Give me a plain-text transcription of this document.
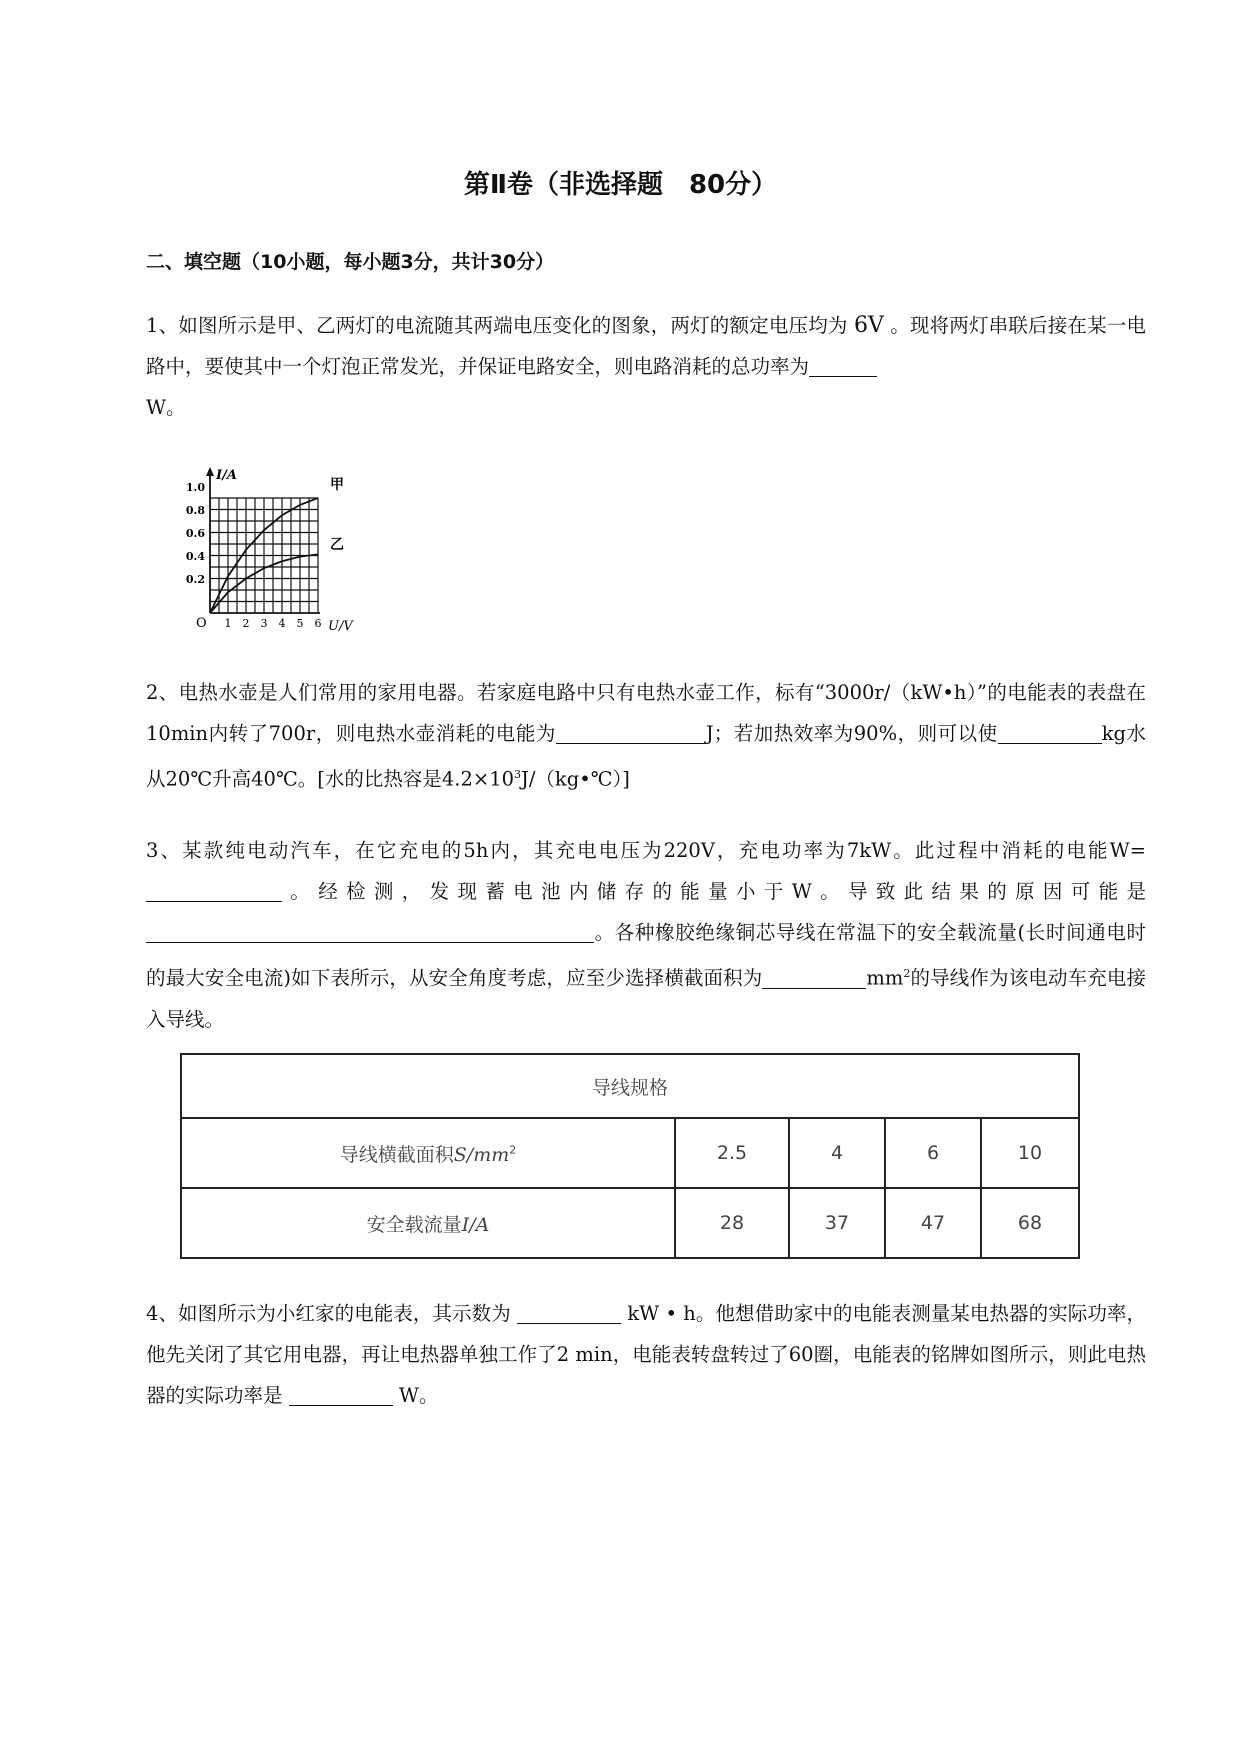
第Ⅱ卷（非选择题　80分）
二、填空题（10小题，每小题3分，共计30分）
1、如图所示是甲、乙两灯的电流随其两端电压变化的图象，两灯的额定电压均为 6V 。现将两灯串联后接在某一电路中，要使其中一个灯泡正常发光，并保证电路安全，则电路消耗的总功率为
W。
I/A
U/V
O
1.0
0.8
0.6
0.4
0.2
1 2 3 4 5 6
甲
乙
2、电热水壶是人们常用的家用电器。若家庭电路中只有电热水壶工作，标有“3000r/（kW•h）”的电能表的表盘在10min内转了700r，则电热水壶消耗的电能为	J；若加热效率为90%，则可以使	kg水从20℃升高40℃。[水的比热容是$4.2\times 10^3J/(kg•℃)$]
3、某款纯电动汽车，在它充电的5h内，其充电电压为220V，充电功率为7kW。此过程中消耗的电能W=。经检测，发现蓄电池内储存的能量小于W。导致此结果的原因可能是。各种橡胶绝缘铜芯导线在常温下的安全载流量(长时间通电时的最大安全电流)如下表所示，从安全角度考虑，应至少选择横截面积为	$mm^2$的导线作为该电动车充电接入导线。
导线规格				
导线横截面积$S/mm^2$	2.5	4	6	10
安全载流量I/A	28	37	47	68
4、如图所示为小红家的电能表，其示数为	kW • h。他想借助家中的电能表测量某电热器的实际功率，他先关闭了其它用电器，再让电热器单独工作了2 min，电能表转盘转过了60圈，电能表的铭牌如图所示，则此电热器的实际功率是	W。
